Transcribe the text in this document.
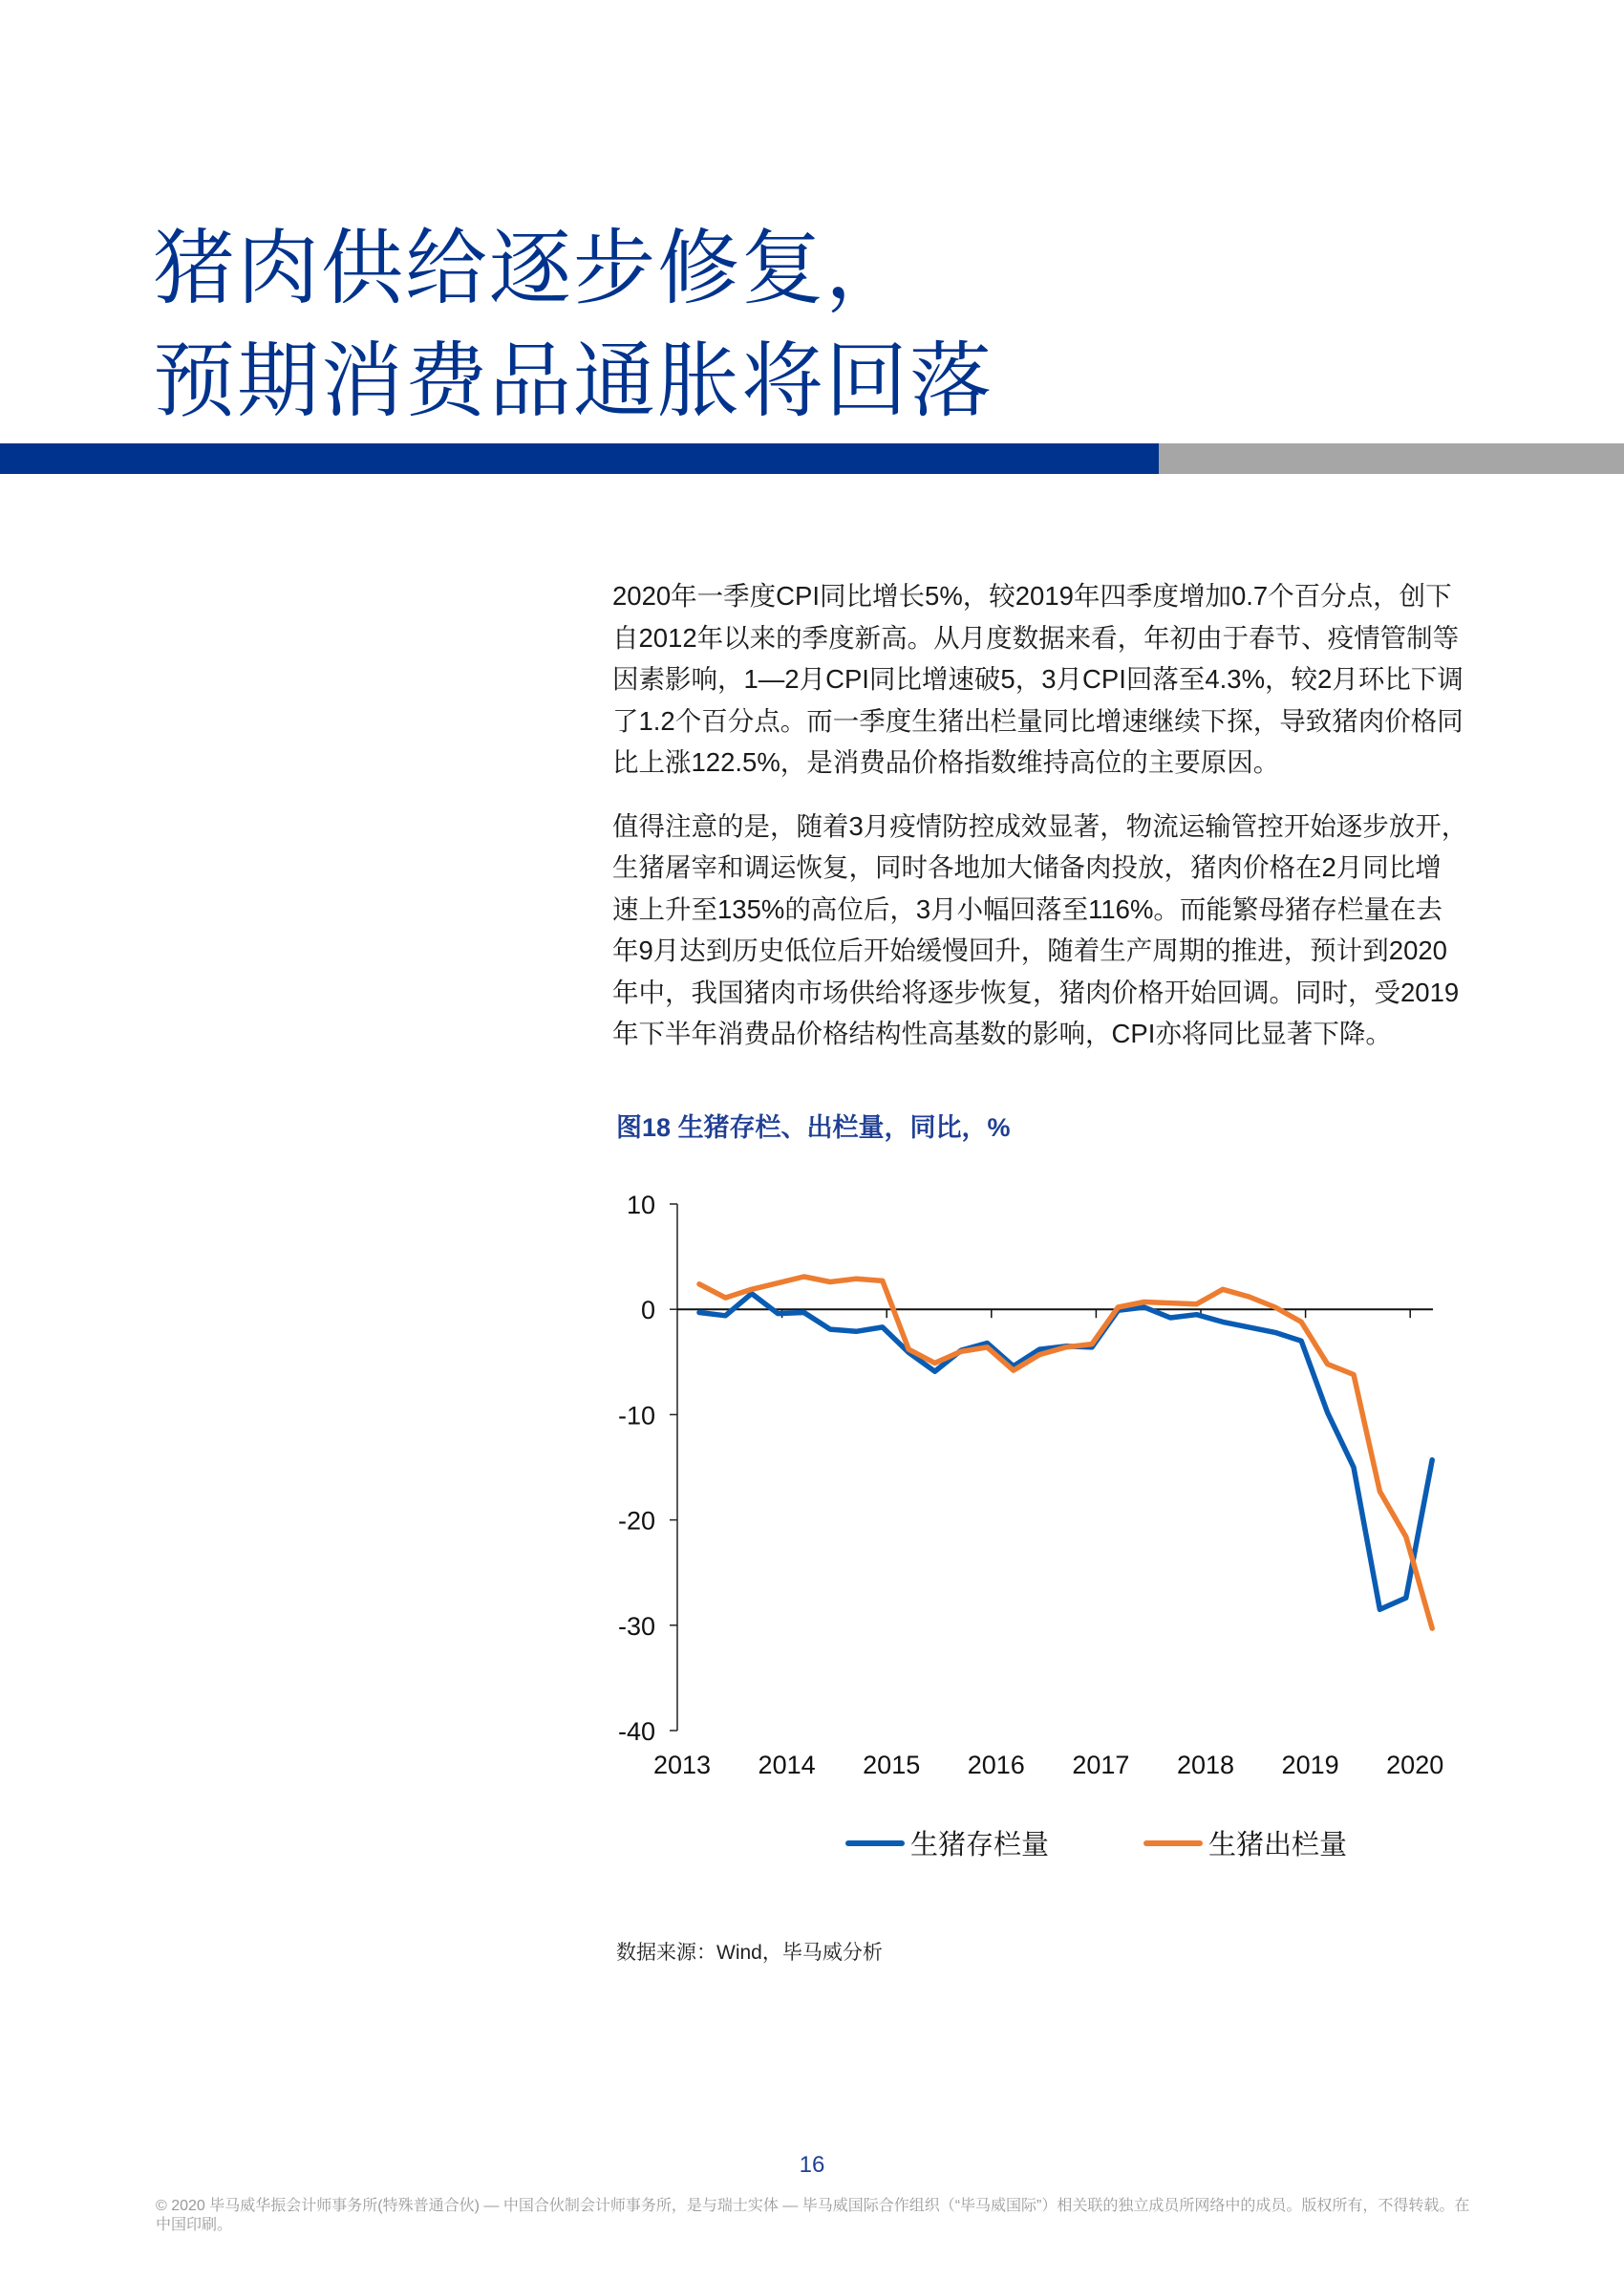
猪肉供给逐步修复，
预期消费品通胀将回落

2020年一季度CPI同比增长5%，较2019年四季度增加0.7个百分点，创下
自2012年以来的季度新高。从月度数据来看，年初由于春节、疫情管制等
因素影响，1—2月CPI同比增速破5，3月CPI回落至4.3%，较2月环比下调
了1.2个百分点。而一季度生猪出栏量同比增速继续下探，导致猪肉价格同
比上涨122.5%，是消费品价格指数维持高位的主要原因。

值得注意的是，随着3月疫情防控成效显著，物流运输管控开始逐步放开，
生猪屠宰和调运恢复，同时各地加大储备肉投放，猪肉价格在2月同比增
速上升至135%的高位后，3月小幅回落至116%。而能繁母猪存栏量在去
年9月达到历史低位后开始缓慢回升，随着生产周期的推进，预计到2020
年中，我国猪肉市场供给将逐步恢复，猪肉价格开始回调。同时，受2019
年下半年消费品价格结构性高基数的影响，CPI亦将同比显著下降。

图18 生猪存栏、出栏量，同比，%
10
0
-10
-20
-30
-40
2013 2014 2015 2016 2017 2018 2019 2020
生猪存栏量	生猪出栏量
数据来源：Wind，毕马威分析
16
© 2020 毕马威华振会计师事务所(特殊普通合伙) — 中国合伙制会计师事务所，是与瑞士实体 — 毕马威国际合作组织（“毕马威国际”）相关联的独立成员所网络中的成员。版权所有，不得转载。在中国印刷。
